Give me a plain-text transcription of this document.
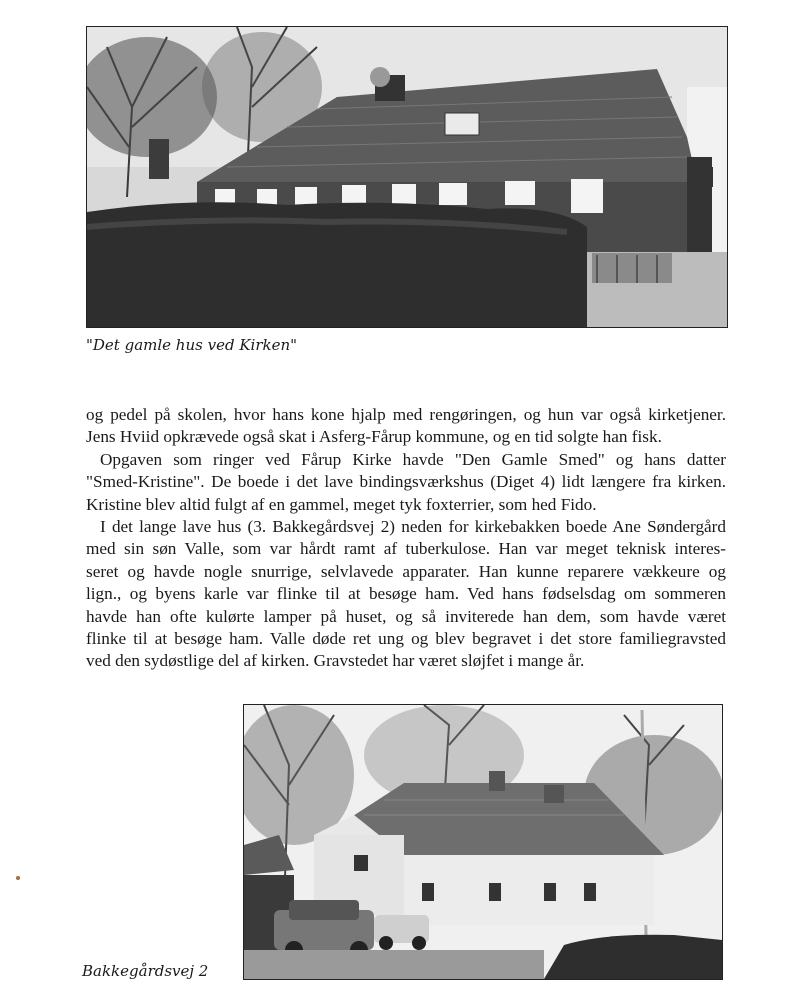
"Det gamle hus ved Kirken"

og pedel på skolen, hvor hans kone hjalp med rengøringen, og hun var også kirketjener.
Jens Hviid opkrævede også skat i Asferg-Fårup kommune, og en tid solgte han fisk.

Opgaven som ringer ved Fårup Kirke havde "Den Gamle Smed" og hans datter
"Smed-Kristine". De boede i det lave bindingsværkshus (Diget 4) lidt længere fra kirken.
Kristine blev altid fulgt af en gammel, meget tyk foxterrier, som hed Fido.

I det lange lave hus (3. Bakkegårdsvej 2) neden for kirkebakken boede Ane Søndergård
med sin søn Valle, som var hårdt ramt af tuberkulose. Han var meget teknisk interes-
seret og havde nogle snurrige, selvlavede apparater. Han kunne reparere vækkeure og
lign., og byens karle var flinke til at besøge ham. Ved hans fødselsdag om sommeren
havde han ofte kulørte lamper på huset, og så inviterede han dem, som havde været
flinke til at besøge ham. Valle døde ret ung og blev begravet i det store familiegravsted
ved den sydøstlige del af kirken. Gravstedet har været sløjfet i mange år.

Bakkegårdsvej 2
